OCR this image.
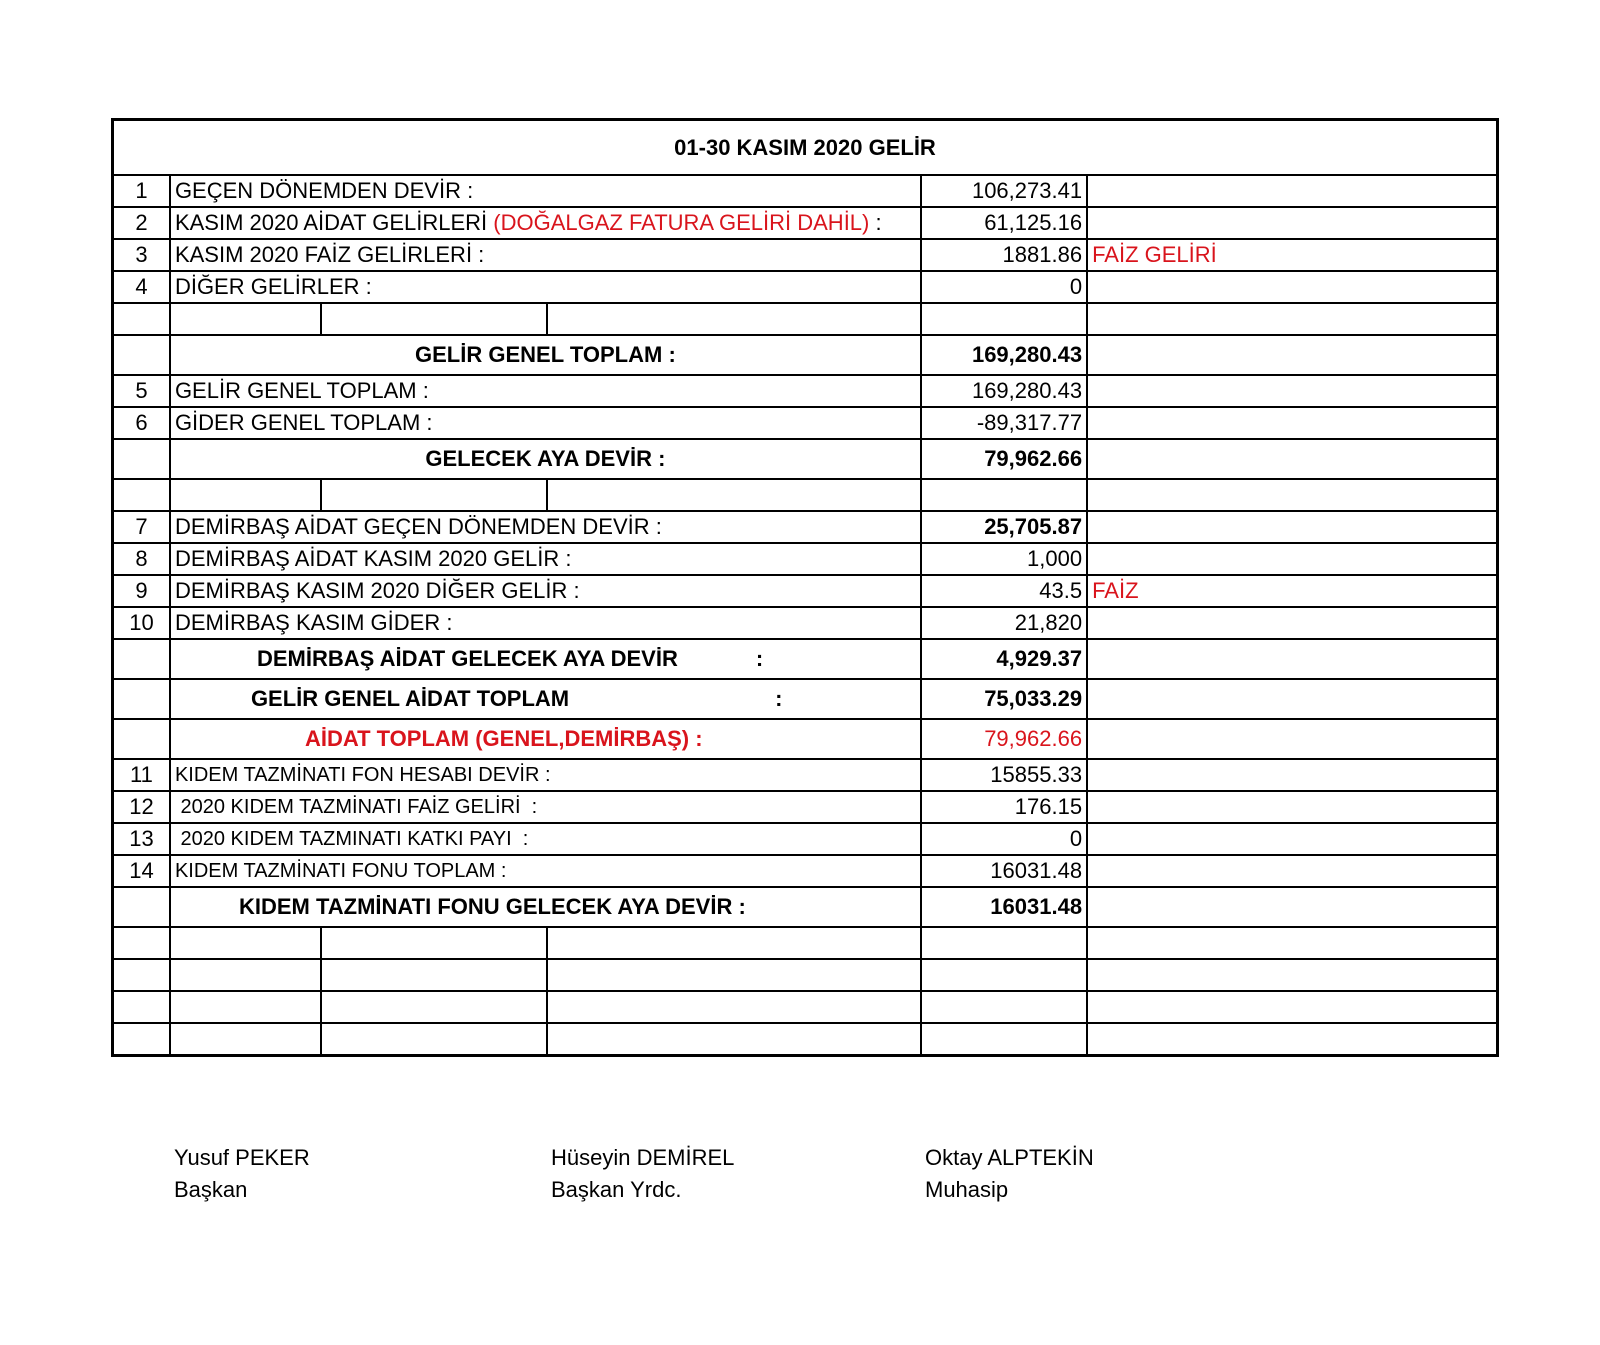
01-30 KASIM 2020 GELİR					
1	GEÇEN DÖNEMDEN DEVİR :			106,273.41	
2	KASIM 2020 AİDAT GELİRLERİ (DOĞALGAZ FATURA GELİRİ DAHİL) :			61,125.16	
3	KASIM 2020 FAİZ GELİRLERİ :			1881.86	FAİZ GELİRİ
4	DİĞER GELİRLER :			0	

	GELİR GENEL TOPLAM :			169,280.43	
5	GELİR GENEL TOPLAM :			169,280.43	
6	GİDER GENEL TOPLAM :			-89,317.77	
	GELECEK AYA DEVİR :			79,962.66	

7	DEMİRBAŞ AİDAT GEÇEN DÖNEMDEN DEVİR :			25,705.87	
8	DEMİRBAŞ AİDAT KASIM 2020 GELİR :			1,000	
9	DEMİRBAŞ KASIM 2020 DİĞER GELİR :			43.5	FAİZ
10	DEMİRBAŞ KASIM GİDER :			21,820	
	DEMİRBAŞ AİDAT GELECEK AYA DEVİR :			4,929.37	
	GELİR GENEL AİDAT TOPLAM :			75,033.29	
	AİDAT TOPLAM (GENEL,DEMİRBAŞ) :			79,962.66	
11	KIDEM TAZMİNATI FON HESABI DEVİR :			15855.33	
12	2020 KIDEM TAZMİNATI FAİZ GELİRİ  :			176.15	
13	2020 KIDEM TAZMINATI KATKI PAYI  :			0	
14	KIDEM TAZMİNATI FONU TOPLAM :			16031.48	
	KIDEM TAZMİNATI FONU GELECEK AYA DEVİR :			16031.48	

Yusuf PEKER
Başkan
Hüseyin DEMİREL
Başkan Yrdc.
Oktay ALPTEKİN
Muhasip
